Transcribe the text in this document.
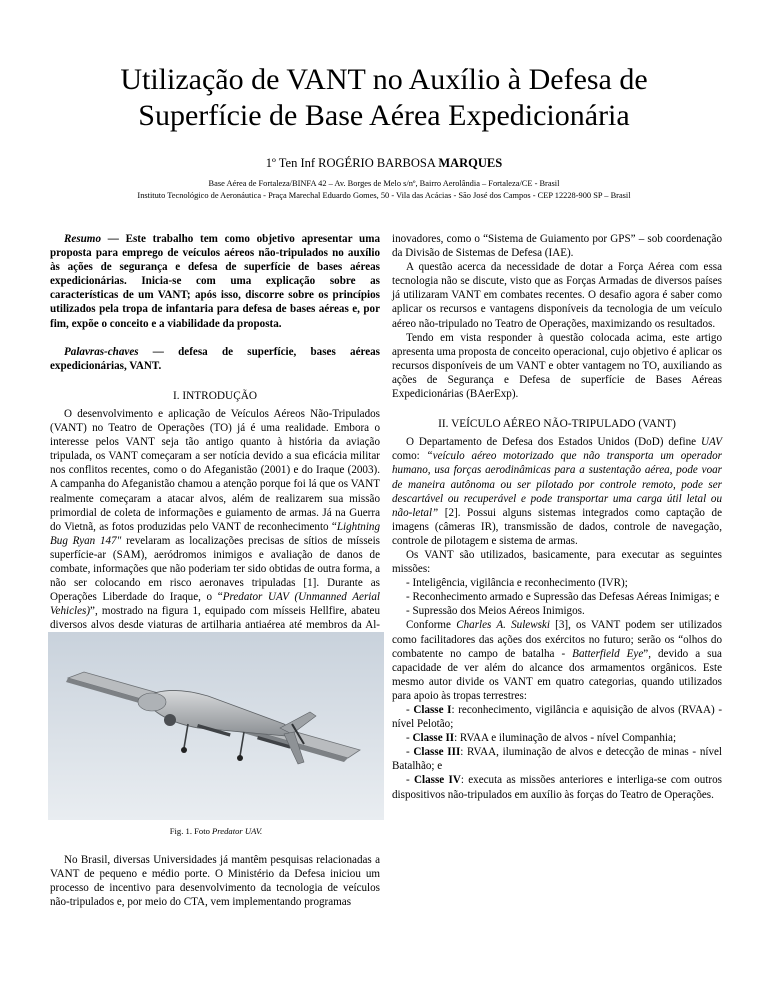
Utilização de VANT no Auxílio à Defesa de
Superfície de Base Aérea Expedicionária
1º Ten Inf ROGÉRIO BARBOSA MARQUES
Base Aérea de Fortaleza/BINFA 42 – Av. Borges de Melo s/nº, Bairro Aerolândia – Fortaleza/CE - Brasil
Instituto Tecnológico de Aeronáutica - Praça Marechal Eduardo Gomes, 50 - Vila das Acácias - São José dos Campos - CEP 12228-900 SP – Brasil

Resumo — Este trabalho tem como objetivo apresentar uma proposta para emprego de veículos aéreos não-tripulados no auxílio às ações de segurança e defesa de superfície de bases aéreas expedicionárias. Inicia-se com uma explicação sobre as características de um VANT; após isso, discorre sobre os princípios utilizados pela tropa de infantaria para defesa de bases aéreas e, por fim, expõe o conceito e a viabilidade da proposta.

Palavras-chaves — defesa de superfície, bases aéreas expedicionárias, VANT.

I. INTRODUÇÃO

O desenvolvimento e aplicação de Veículos Aéreos Não-Tripulados (VANT) no Teatro de Operações (TO) já é uma realidade. Embora o interesse pelos VANT seja tão antigo quanto à história da aviação tripulada, os VANT começaram a ser notícia devido a sua eficácia militar nos conflitos recentes, como o do Afeganistão (2001) e do Iraque (2003). A campanha do Afeganistão chamou a atenção porque foi lá que os VANT realmente começaram a atacar alvos, além de realizarem sua missão primordial de coleta de informações e guiamento de armas. Já na Guerra do Vietnã, as fotos produzidas pelo VANT de reconhecimento “Lightning Bug Ryan 147" revelaram as localizações precisas de sítios de mísseis superfície-ar (SAM), aeródromos inimigos e avaliação de danos de combate, informações que não poderiam ter sido obtidas de outra forma, a não ser colocando em risco aeronaves tripuladas [1]. Durante as Operações Liberdade do Iraque, o “Predator UAV (Unmanned Aerial Vehicles)”, mostrado na figura 1, equipado com mísseis Hellfire, abateu diversos alvos desde viaturas de artilharia antiaérea até membros da Al-

Fig. 1. Foto Predator UAV.

No Brasil, diversas Universidades já mantêm pesquisas relacionadas a VANT de pequeno e médio porte. O Ministério da Defesa iniciou um processo de incentivo para desenvolvimento da tecnologia de veículos não-tripulados e, por meio do CTA, vem implementando programas

inovadores, como o “Sistema de Guiamento por GPS” – sob coordenação da Divisão de Sistemas de Defesa (IAE).

A questão acerca da necessidade de dotar a Força Aérea com essa tecnologia não se discute, visto que as Forças Armadas de diversos países já utilizaram VANT em combates recentes. O desafio agora é saber como aplicar os recursos e vantagens disponíveis da tecnologia de um veículo aéreo não-tripulado no Teatro de Operações, maximizando os resultados.

Tendo em vista responder à questão colocada acima, este artigo apresenta uma proposta de conceito operacional, cujo objetivo é aplicar os recursos disponíveis de um VANT e obter vantagem no TO, auxiliando as ações de Segurança e Defesa de superfície de Bases Aéreas Expedicionárias (BAerExp).

II. VEÍCULO AÉREO NÃO-TRIPULADO (VANT)

O Departamento de Defesa dos Estados Unidos (DoD) define UAV como: “veículo aéreo motorizado que não transporta um operador humano, usa forças aerodinâmicas para a sustentação aérea, pode voar de maneira autônoma ou ser pilotado por controle remoto, pode ser descartável ou recuperável e pode transportar uma carga útil letal ou não-letal” [2]. Possui alguns sistemas integrados como captação de imagens (câmeras IR), transmissão de dados, controle de navegação, controle de pilotagem e sistema de armas.

Os VANT são utilizados, basicamente, para executar as seguintes missões:

- Inteligência, vigilância e reconhecimento (IVR);

- Reconhecimento armado e Supressão das Defesas Aéreas Inimigas; e

- Supressão dos Meios Aéreos Inimigos.

Conforme Charles A. Sulewski [3], os VANT podem ser utilizados como facilitadores das ações dos exércitos no futuro; serão os “olhos do combatente no campo de batalha - Batterfield Eye”, devido a sua capacidade de ver além do alcance dos armamentos orgânicos. Este mesmo autor divide os VANT em quatro categorias, quando utilizados para apoio às tropas terrestres:

- Classe I: reconhecimento, vigilância e aquisição de alvos (RVAA) - nível Pelotão;

- Classe II: RVAA e iluminação de alvos - nível Companhia;

- Classe III: RVAA, iluminação de alvos e detecção de minas - nível Batalhão; e

- Classe IV: executa as missões anteriores e interliga-se com outros dispositivos não-tripulados em auxílio às forças do Teatro de Operações.
